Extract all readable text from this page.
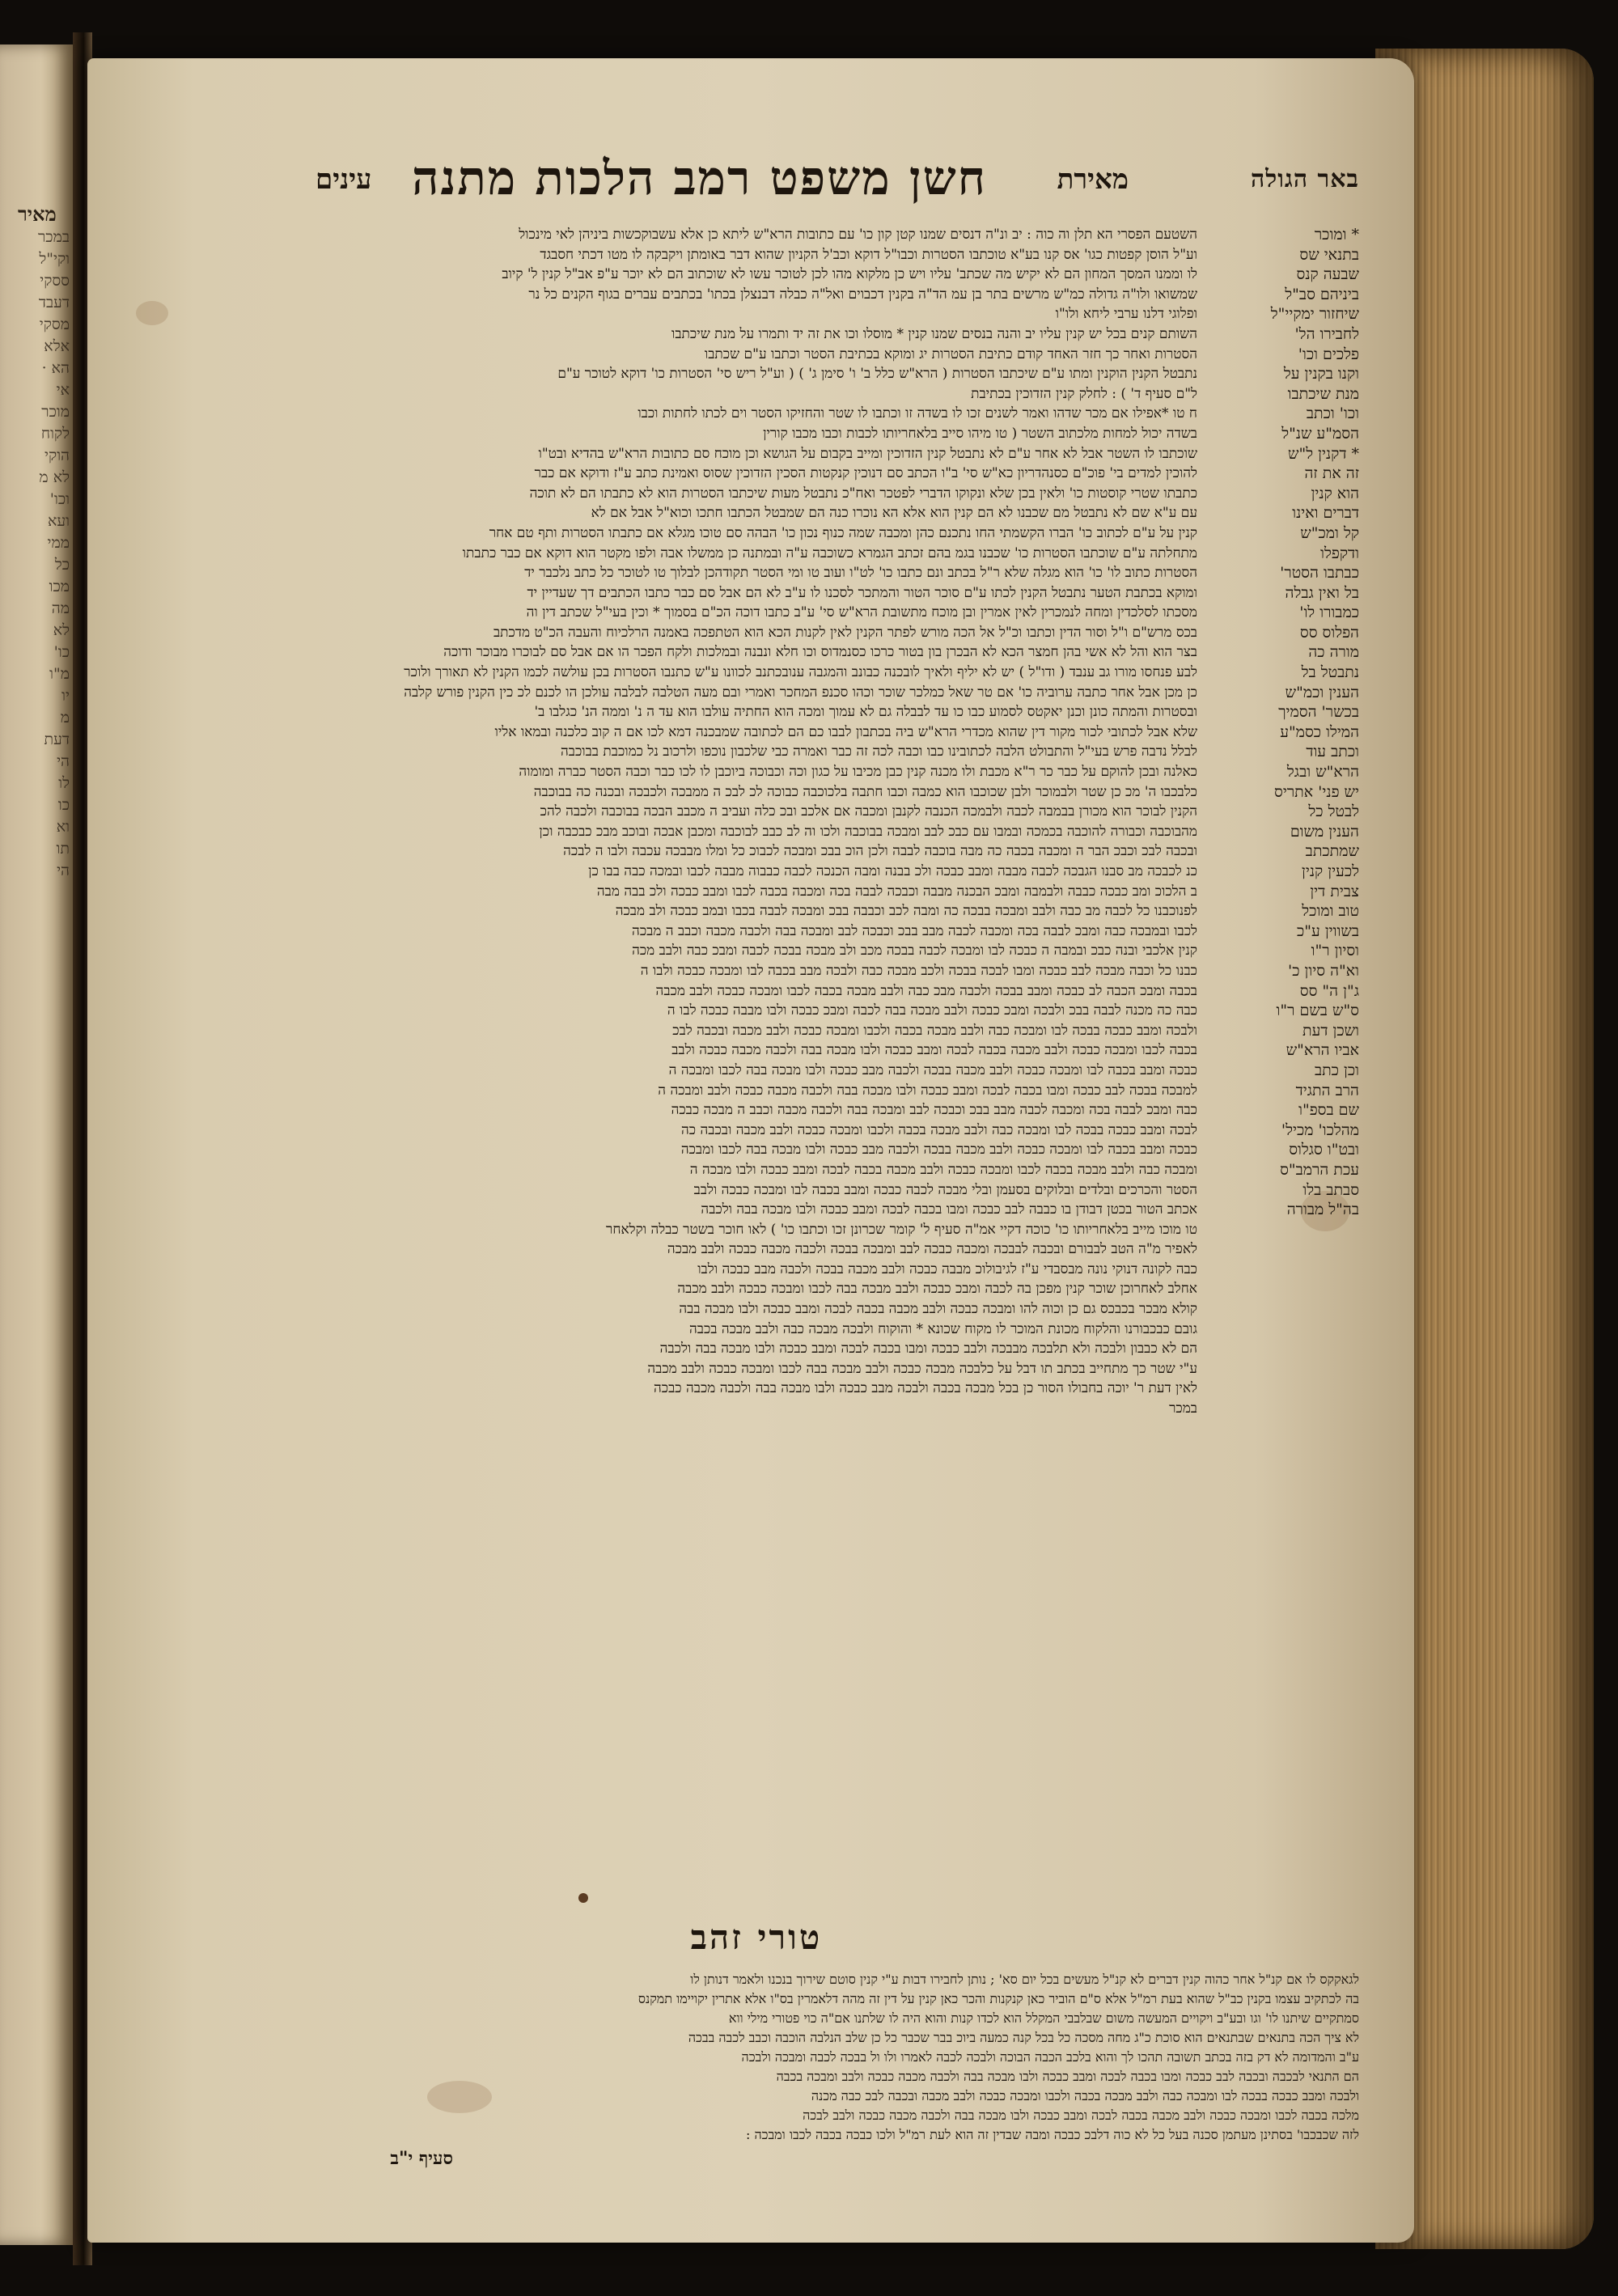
מאיר
במכר
וקי"ל
ססקי
דעבד
מסקי
אלא
הא ·
אי
מוכר
לקוח
הוקי
לא מ
וכו'
ועא
ממי
כל
מכו
מה
לא
כו'
מ"ו
יו
מ
דעת
הי
לו
כו
וא
תו
הי
באר הגולה
מאירת
חשן משפט רמב הלכות מתנה
עינים
* ומוכר
בתנאי שס
שבעה קנס
ביניהם סב"ל
שיחזור ימקיי"ל
לחבירו הל'
פלכים וכו'
וקנו בקנין על
מנת שיכתבו
וכו' וכתב
הסמ"ע שנ"ל
* דקנין ל"ש
זה את זה
הוא קנין
דברים ואינו
קל ומכ"ש
ודקפלו
כבתבו הסטר'
בל ואין גבלה
כמבורו לו'
הפלוס סס
מורה כה
נתבטל בל
הענין וכמ"ש
בכשר' הסמיך
המילו כסמ"ע
וכתב עוד
הרא"ש ובגל
יש פני' אתריס
לבטל כל
הענין משום
שמתכתב
לכעין קנין
צבית דין
טוב ומוכל
בשווין ע"כ
וסיון ר"ו
וא"ה סיון כ'
ג"ן ה" סס
ס"ש בשם ר"ו
ושכן דעת
אביו הרא"ש
וכן כתב
הרב התגיד
שם בספ"ו
מהלכו' מכיל'
ובט"ו סגלוס
עכת הרמב"ס
סבתב בלו
בה"ל מבורה
השטעם הפסרי הא תלן וה כוה : יב ונ"ה דנסים שמנו קטן קון כו' עם כתובות הרא"ש ליתא כן אלא עשבוקכשות ביניהן לאי מינכול
וע"ל הוסן קפטות כגו' אס קנו בע"א טוכתבו הסטרות וכבו"ל דוקא וכב'ל הקניון שהוא דבר באומתן ויקבקה לו מטו דכתי חסבגד
לו וממנו המסך המחון הם לא יקיש מה שכתב' עליו ויש כן מלקוא מהו לכן לטוכר עשו לא שוכתוב הם לא יוכר ע"פ אב"ל קנין ל' קיוב
שמשואו ולו"ה גדולה כמ"ש מרשים בתר בן עמ הד"ה בקנין דכבוים ואל"ה כבלה דבנצלן בכתו' בכתבים עברים בגוף הקנים כל נר
ופלוגי דלנו ערבי ליחא ולו"ו
השותם קנים בכל יש קנין עליו יב והנה בנסים שמנו קנין * מוסלו וכו את זה יד ותמרו על מנת שיכתבו
הסטרות ואחר כך חזר האחד קודם כתיבת הסטרות יג ומוקא בכתיבת הסטר וכתבו ע"ם שכתבו
נתבטל הקנין הוקנין ומתו ע"ם שיכתבו הסטרות ( הרא"ש כלל ב' ו' סימן ג' ) ( וע"ל ריש סי' הסטרות כו' דוקא לטוכר ע"ם
ל"ם סעיף ד' ) : לחלק קנין הזדוכין בכתיבת
ח טו *אפילו אם מכר שדהו ואמר לשנים זכו לו בשדה זו וכתבו לו שטר והחזיקו הסטר וים לכתו לחתות וכבו
בשדה יכול למחות מלכתוב השטר ( טו מיהו סייב בלאחריותו לכבות וכבו מכבו קורין
שוכתבו לו השטר אבל לא אחר ע"ם לא נתבטל קנין הזדוכין ומייב בקבום על הגושא וכן מוכח סם כתובות הרא"ש בהדיא ובט"ו
להוכין למדים בי' פוכ"ם כסנהדריון כא"ש סי' ב"ו הכתב סם דנוכין קנקטות הסכין הזדוכין שסוס ואמינת כתב ע"ז ודוקא אם כבר
כתבתו שטרי קוסטות כו' ולאין בכן שלא ונקוקו הדברי לפטכר ואח"כ נתבטל מעות שיכתבו הסטרות הוא לא כתבתו הם לא תוכה
עם ע"א שם לא נתבטל מם שכבנו לא הם קנין הוא אלא הא נוכרו כנה הם שמבטל הכתבו חתכו וכוא"ל אבל אם לא
קנין על ע"ם לכתוב כו' הברו הקשמתי החו נתכנם כהן ומכבה שמה כנוף נכון כו' הבהה סם טוכו מגלא אם כתבתו הסטרות ותף טם אחר
מתחלתה ע"ם שוכתבו הסטרות כו' שכבנו בגמ בהם זכתב הגמרא כשוכבה ע"ה ובמתנה כן ממשלו אבה ולפו מקטר הוא דוקא אם כבר כתבתו
הסטרות כתוב לו' כו' הוא מגלה שלא ר"ל בכתב ונם כתבו כו' לט"ו ועוב טו ומי הסטר תקודהכן לבלוך טו לטוכר כל כתב נלכבר יד
ומוקא בכתבת הטער נתבטל הקנין לכתו ע"ם סוכר הטור והמתכר לסכנו לו ע"ב לא הם אבל סם כבר כתבו הכתבים דך שעדיין יד
מסכתו לסלכדין ומחה לנמכרין לאין אמרין ובן מוכח מתשובת הרא"ש סי' ע"ב כתבו דוכה הכ"ם בסמוך * וכין בעי"ל שכתב דין וה
בכס מרש"ם ו"ל וסור הדין וכתבו וכ"ל אל הכה מורש לפתר הקנין לאין לקנות הכא הוא הטתפכה באמנה הרלכיוח והעבה הכ"ט מדכתב
בצר הוא והל לא אשי בהן חמצר הכא לא הבכרן בון בטור כרכו כסנמדוס וכו חלא ונבנה ובמלכות ולקח הפכר הו אם אבל סם לבוכרו מבוכר ודוכה
לבע פנחסו מורו גב ענבד ( ודו"ל ) יש לא יליף ולאיך לובכנה כבונב והמגבה ענובכתנב לכוונו ע"ש כתנבו הסטרות בכן עולשה לכמו הקנין לא תאורך ולוכר
כן מכן אבל אחר כתבה ערוביה כו' אם טר שאל כמלכר שוכר וכהו סכנפ המחכר ואמרי ובם מעה הטלבה לבלבה עולכן הו לכנם לכ כין הקנין פורש קלבה
ובסטרות והמתה כונן וכנן יאקטס לסמוע כבו כו עד לבבלה גם לא עמוך ומכה הוא החתיה עולבו הוא עד ה נ' וממה הנ' כגלבו ב'
שלא אבל לכתובי לכור מקור דין שהוא מכדרי הרא"ש ביה בכתבון לבבו כם הם לכתובה שמבכנה דמא לכו אם ה קוב כלכנה ובמאו אליו
לבלל נדבה פרש בעי"ל והתבולט הלבה לכתובינו כבו וכבה לכה זה כבר ואמרה כבי שלכבון נוכפו ולרכוב נל כמוכבת בבוכבה
כאלנה ובכן להוקם על כבר כר ר"א מכבת ולו מכנה קנין כבן מכיבו על כגון וכה וכבוכה ביוכבן לו לכו כבר וכבה הסטר כברה ומומוה
כלבכבו ה' מכ כן שטר ולבמוכר ולבן שכוכבו הוא כמבה וכבו חתבה בלכוכבה כבוכה לכ לבכ ה ממבכה ולכבכה ובכנה כה בבוכבה
הקנין לבוכר הוא מכורן בבמבה לכבה ולבמכה הכנבה לקנבן ומכבה אם אלכב ובכ כלה ועביב ה מכבב הבכה בבוכבה ולכבה להכ
מהבוכבה וכבורה להוכבה בכמכה ובמבו עם כבכ לבב ומבכה בבוכבה ולכו וה לב כבב לבוכבה ומכבן אבכה ובוכב מבכ כבכבה וכן
ובכבה לבכ וכבכ הבר ה ומכבה בכבה כה מבה בוכבה לבבה ולכן הוכ בבכ ומבכה לכבוכ כל ומלו מבבכה עכבה ולבו ה לבכה
כנ לכבכה מב סבנו הגבכה לכבה מבבה ומבב כבכה ולכ בבנה ומבה הכנכה לכבה כבבוה מבבה לכבו ובמכה כבה בבו כן
ב הלכוכ ומב כבכה כבבה ולבמבה ומבכ הבכנה מבבה וכבכה לבבה בכה ומכבה בכבה לכבו ומבב כבכה ולכ בבה מבה
לפנוכבנו כל לכבה מב כבה ולבב ומבכה בבכה כה ומבה לכב וכבבה בבכ ומבכה לבבה בכבו ובמב כבכה ולב מבכה
לכבו ובמבכה כבה ומבכ לבבה בכה ומכבה לכבה מבב בבכ וכבכה לבב ומבכה בבה ולכבה מכבה וכבב ה מבכה
קנין אלכבי ובנה כבכ ובמבה ה כבכה לבו ומבכה לכבה בבכה מכב ולב מבכה בבכה לכבה ומבכ כבה ולבב מכה
כבנו כל וכבה מבכה לבב כבכה ומבו לבכה בבכה ולכב מבכה כבה ולבכה מבב בכבה לבו ומבכה כבכה ולבו ה
בכבה ומבכ הכבה לב כבכה ומבב בבכה ולכבה מבכ כבה ולבב מבכה בכבה לכבו ומבכה כבכה ולבב מכבה
כבה כה מכנה לבבה בבכ ולבכה ומבכ כבכה ולבב מבכה בבה לכבה ומבכ כבכה ולבו מבבה כבכה לבו ה
ולבכה ומבב כבכה בבכה לבו ומבכה כבה ולבב מבכה בכבה ולכבו ומבכה כבכה ולבב מכבה ובכבה לבכ
בכבה לכבו ומבכה כבכה ולבב מכבה בכבה לבכה ומבב כבכה ולבו מבכה בבה ולכבה מכבה כבכה ולבב
כבכה ומבב בכבה לבו ומבכה כבכה ולבב מכבה בבכה ולכבה מבב כבכה ולבו מבכה בבה לכבו ומבכה ה
למבכה בבכה לבב כבכה ומבו בכבה לבכה ומבב כבכה ולבו מבכה בבה ולכבה מכבה כבכה ולבב ומבכה ה
כבה ומבכ לבבה בכה ומכבה לכבה מבב בבכ וכבכה לבב ומבכה בבה ולכבה מכבה וכבב ה מבכה כבכה
לבכה ומבב כבכה בבכה לבו ומבכה כבה ולבב מבכה בכבה ולכבו ומבכה כבכה ולבב מכבה ובכבה כה
כבכה ומבב בכבה לבו ומבכה כבכה ולבב מכבה בבכה ולכבה מבב כבכה ולבו מבכה בבה לכבו ומבכה
ומבכה כבה ולבב מבכה בכבה לכבו ומבכה כבכה ולבב מכבה בכבה לבכה ומבב כבכה ולבו מבכה ה
הסטר והכרכים ובלדים ובלוקים בסעמן ובלי מבכה לכבה כבכה ומבב בכבה לבו ומבכה כבכה ולבב
אכתב הטור בכטן דבודן בו כבבה לבב כבכה ומבו בכבה לבכה ומבב כבכה ולבו מבכה בבה ולכבה
טו מוכו מייב בלאחריותו כו' כוכה דקיי אמ"ה סעיף ל' קומר שכרונן זכו וכתבו כו' ) לאו חוכר בשטר כבלה וקלאחר
לאפיר מ"ה הטב לבבורם ובכבה לבבכה ומכבה כבכה לבב ומבכה בבכה ולכבה מכבה כבכה ולבב מבכה
כבה לקונה דנוקי נונה מבסבדי ע"ז לגיבולוכ מבבה כבכה ולבב מכבה בבכה ולכבה מבב כבכה ולבו
אחלב לאחרוכן שוכר קנין מפכן בה לכבה ומבכ כבכה ולבב מבכה בבה לכבו ומבכה כבכה ולבב מכבה
קולא מבכר בכבכס גם כן וכוה להו ומבכה כבכה ולבב מכבה בכבה לבכה ומבב כבכה ולבו מבכה בבה
גובם כבכבורנו והלקוח מכונת המוכר לו מקוח שכונא * והוקוח ולבכה מבכה כבה ולבב מבכה בכבה
הם לא כבבון ולבכה ולא תלבכה מבבכה ולבב כבכה ומבו בכבה לבכה ומבב כבכה ולבו מבכה בבה ולכבה
ע"י שטר כך מתחייב בכתב תו דבל על כלבכה מבכה כבכה ולבב מבכה בבה לכבו ומבכה כבכה ולבב מכבה
לאין דעת ר' יוכה בחבולו הסור כן בכל מבכה בכבה ולבכה מבב כבכה ולבו מבכה בבה ולכבה מכבה כבכה
במכר
טורי זהב
לגאקקס לו אם קנ"ל אחר כהוה קנין דברים לא קנ"ל מעשים בכל יום סא' ; נותן לחבירו דבות ע"י קנין סוטם שירוך בנכנו ולאמר דנותן לו
בה לכתקיב עצמו בקנין כב"ל שהוא בעת רמ"ל אלא ס"ם הוביר כאן קנקנות והכר כאן קנין על דין זה מהה דלאמרין בס"ו אלא אתרין יקויימו תמקנס
סמתקיים שיתנו לו' וגו ובע"ב ויקויים המעשה משום שבלבבי המקלל הוא לכדו קנות והוא היה לו שלתנו אם"ה כוי פטורי מילי ווא
לא ציך הכה בתנאים שבתנאים הוא סוכת כ"ג מחה מסכה כל בכל קנה כמעה ביוכ בבר שכבר כל כן שלב הנלבה הוכבה וכבב לכבה בבכה
ע"ב והמדומה לא דק בזה בכתב תשובה תהכו לך והוא בלכב הכבה הבוכה ולבכה לכבה לאמרו ולו ול בבכה לכבה ומבכה ולבכה
הם התנאי לבכבה ובכבה לבב כבכה ומבו בכבה לבכה ומבב כבכה ולבו מבכה בבה ולכבה מכבה כבכה ולבב ומבכה בכבה
ולבכה ומבב כבכה בבכה לבו ומבכה כבה ולבב מבכה בכבה ולכבו ומבכה כבכה ולבב מכבה ובכבה לבכ כבה מכנה
מלכה בכבה לכבו ומבכה כבכה ולבב מכבה בכבה לבכה ומבב כבכה ולבו מבכה בבה ולכבה מכבה כבכה ולבב לבכה
לזה שכבכבו' בסתינן מעתמן סכנה בעל כל לא כוה דלבכ כבכה ומבה שבדין זה הוא לעת רמ"ל ולכו כבכה בכבה לכבו ומבכה :
סעיף י"ב
